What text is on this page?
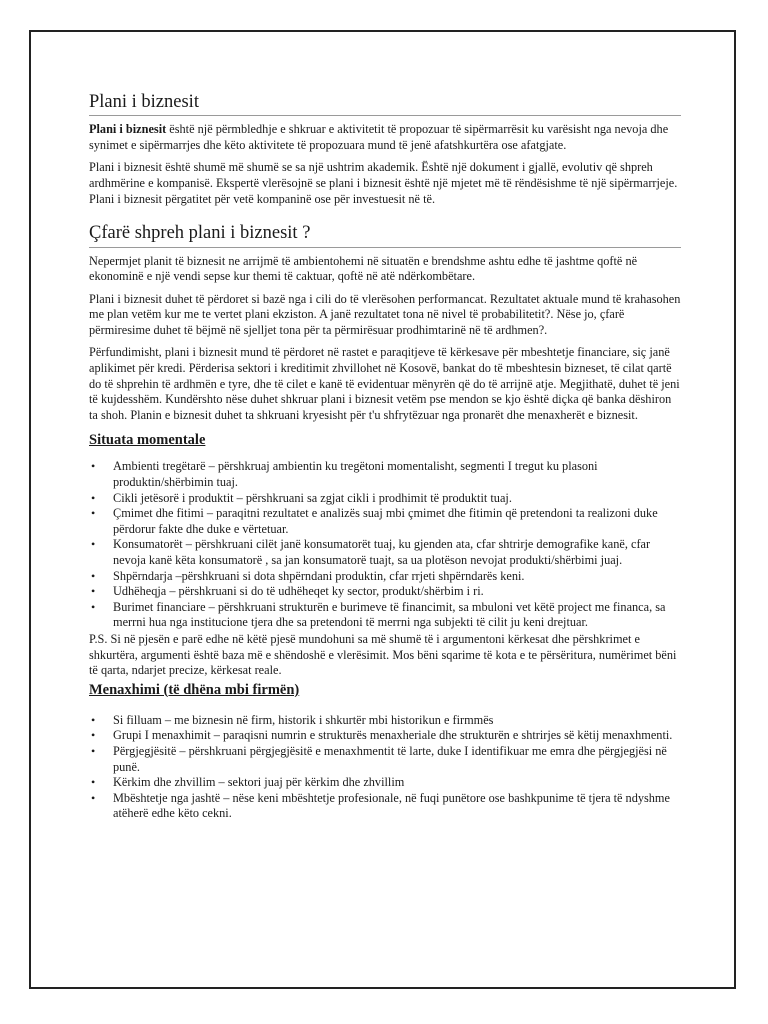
Plani i biznesit

Plani i biznesit është një përmbledhje e shkruar e aktivitetit të propozuar të sipërmarrësit ku varësisht nga nevoja dhe synimet e sipërmarrjes dhe këto aktivitete të propozuara mund të jenë afatshkurtëra ose afatgjate.

Plani i biznesit është shumë më shumë se sa një ushtrim akademik. Është një dokument i gjallë, evolutiv që shpreh ardhmërine e kompanisë. Ekspertë vlerësojnë se plani i biznesit është një mjetet më të rëndësishme të një sipërmarrjeje. Plani i biznesit përgatitet për vetë kompaninë ose për investuesit në të.

Çfarë shpreh plani i biznesit ?

Nepermjet planit të biznesit ne arrijmë të ambientohemi në situatën e brendshme ashtu edhe të jashtme qoftë në ekonominë e një vendi sepse kur themi të caktuar, qoftë në atë ndërkombëtare.

Plani i biznesit duhet të përdoret si bazë nga i cili do të vlerësohen performancat. Rezultatet aktuale mund të krahasohen me plan vetëm kur me te vertet plani ekziston. A janë rezultatet tona në nivel të probabilitetit?. Nëse jo, çfarë përmiresime duhet të bëjmë në sjelljet tona për ta përmirësuar prodhimtarinë në të ardhmen?.

Përfundimisht, plani i biznesit mund të përdoret në rastet e paraqitjeve të kërkesave për mbeshtetje financiare, siç janë aplikimet për kredi. Përderisa sektori i kreditimit zhvillohet në Kosovë, bankat do të mbeshtesin bizneset, të cilat qartë do të shprehin të ardhmën e tyre, dhe të cilet e kanë të evidentuar mënyrën që do të arrijnë atje. Megjithatë, duhet të jeni të kujdesshëm. Kundërshto nëse duhet shkruar plani i biznesit vetëm pse mendon se kjo është diçka që banka dëshiron ta shoh. Planin e biznesit duhet ta shkruani kryesisht për t'u shfrytëzuar nga pronarët dhe menaxherët e biznesit.

Situata momentale
• Ambienti tregëtarë – përshkruaj ambientin ku tregëtoni momentalisht, segmenti I tregut ku plasoni produktin/shërbimin tuaj.
• Cikli jetësorë i produktit – përshkruani sa zgjat cikli i prodhimit të produktit tuaj.
• Çmimet dhe fitimi – paraqitni rezultatet e analizës suaj mbi çmimet dhe fitimin që pretendoni ta realizoni duke përdorur fakte dhe duke e vërtetuar.
• Konsumatorët – përshkruani cilët janë konsumatorët tuaj, ku gjenden ata, cfar shtrirje demografike kanë, cfar nevoja kanë këta konsumatorë , sa jan konsumatorë tuajt, sa ua plotëson nevojat produkti/shërbimi juaj.
• Shpërndarja –përshkruani si dota shpërndani produktin, cfar rrjeti shpërndarës keni.
• Udhëheqja – përshkruani si do të udhëheqet ky sector, produkt/shërbim i ri.
• Burimet financiare – përshkruani strukturën e burimeve të financimit, sa mbuloni vet këtë project me financa, sa merrni hua nga institucione tjera dhe sa pretendoni të merrni nga subjekti të cilit ju keni drejtuar.

P.S. Si në pjesën e parë edhe në këtë pjesë mundohuni sa më shumë të i argumentoni kërkesat dhe përshkrimet e shkurtëra, argumenti është baza më e shëndoshë e vlerësimit. Mos bëni sqarime të kota e te përsëritura, numërimet bëni të qarta, ndarjet precize, kërkesat reale.

Menaxhimi (të dhëna mbi firmën)
• Si filluam – me biznesin në firm, historik i shkurtër mbi historikun e firmmës
• Grupi I menaxhimit – paraqisni numrin e strukturës menaxheriale dhe strukturën e shtrirjes së këtij menaxhmenti.
• Përgjegjësitë – përshkruani përgjegjësitë e menaxhmentit të larte, duke I identifikuar me emra dhe përgjegjësi në punë.
• Kërkim dhe zhvillim – sektori juaj për kërkim dhe zhvillim
• Mbështetje nga jashtë – nëse keni mbështetje profesionale, në fuqi punëtore ose bashkpunime të tjera të ndyshme atëherë edhe këto cekni.
